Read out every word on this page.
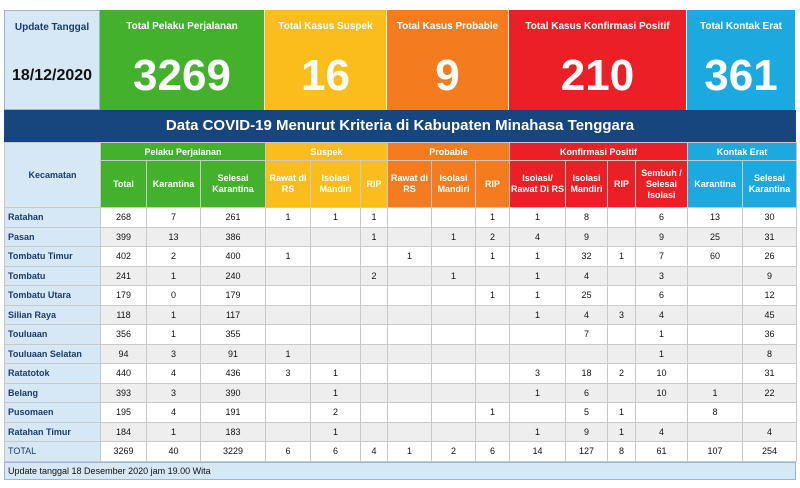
Update Tanggal
18/12/2020
Total Pelaku Perjalanan
3269
Total Kasus Suspek
16
Total Kasus Probable
9
Total Kasus Konfirmasi Positif
210
Total Kontak Erat
361
Data COVID-19 Menurut Kriteria di Kabupaten Minahasa Tenggara
Kecamatan	Pelaku Perjalanan			Suspek			Probable			Konfirmasi Positif				Kontak Erat	
	Total	Karantina	Selesai Karantina	Rawat di RS	Isolasi Mandiri	RIP	Rawat di RS	Isolasi Mandiri	RIP	Isolasi/ Rawat Di RS	Isolasi Mandiri	RIP	Sembuh / Selesai Isolasi	Karantina	Selesai Karantina
Ratahan	268	7	261	1	1	1			1	1	8		6	13	30
Pasan	399	13	386			1		1	2	4	9		9	25	31
Tombatu Timur	402	2	400	1			1		1	1	32	1	7	60	26
Tombatu	241	1	240			2		1		1	4		3		9
Tombatu Utara	179	0	179						1	1	25		6		12
Silian Raya	118	1	117							1	4	3	4		45
Touluaan	356	1	355								7		1		36
Touluaan Selatan	94	3	91	1									1		8
Ratatotok	440	4	436	3	1					3	18	2	10		31
Belang	393	3	390		1					1	6		10	1	22
Pusomaen	195	4	191		2				1		5	1		8	
Ratahan Timur	184	1	183		1					1	9	1	4		4
TOTAL	3269	40	3229	6	6	4	1	2	6	14	127	8	61	107	254
Update tanggal 18 Desember 2020 jam 19.00 Wita
